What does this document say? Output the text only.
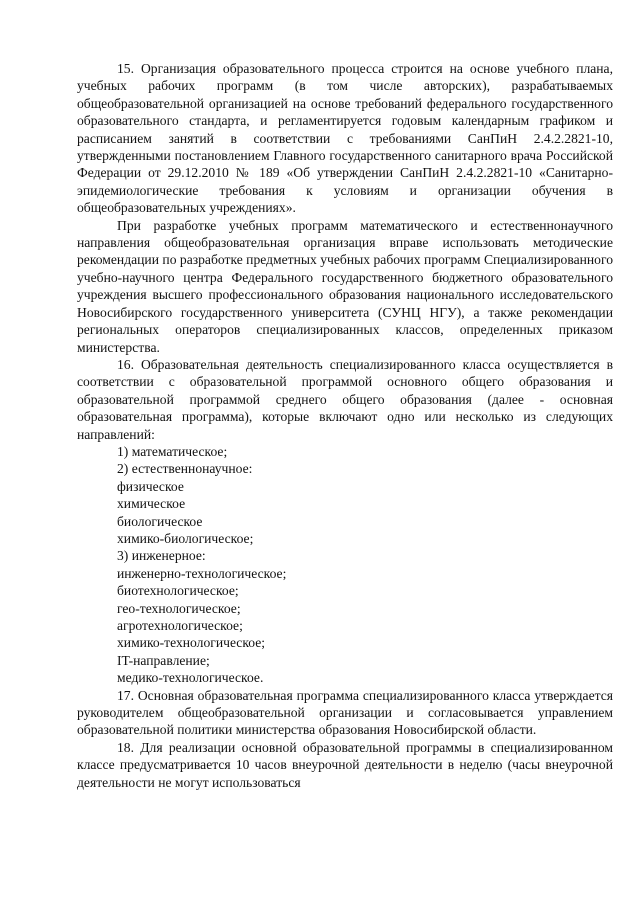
15. Организация образовательного процесса строится на основе учебного плана, учебных рабочих программ (в том числе авторских), разрабатываемых общеобразовательной организацией на основе требований федерального государственного образовательного стандарта, и регламентируется годовым календарным графиком и расписанием занятий в соответствии с требованиями СанПиН 2.4.2.2821-10, утвержденными постановлением Главного государственного санитарного врача Российской Федерации от 29.12.2010 № 189 «Об утверждении СанПиН 2.4.2.2821-10 «Санитарно-эпидемиологические требования к условиям и организации обучения в общеобразовательных учреждениях».

При разработке учебных программ математического и естественнонаучного направления общеобразовательная организация вправе использовать методические рекомендации по разработке предметных учебных рабочих программ Специализированного учебно-научного центра Федерального государственного бюджетного образовательного учреждения высшего профессионального образования национального исследовательского Новосибирского государственного университета (СУНЦ НГУ), а также рекомендации региональных операторов специализированных классов, определенных приказом министерства.

16. Образовательная деятельность специализированного класса осуществляется в соответствии с образовательной программой основного общего образования и образовательной программой среднего общего образования (далее - основная образовательная программа), которые включают одно или несколько из следующих направлений:

1) математическое;

2) естественнонаучное:

физическое

химическое

биологическое

химико-биологическое;

3) инженерное:

инженерно-технологическое;

биотехнологическое;

гео-технологическое;

агротехнологическое;

химико-технологическое;

IT-направление;

медико-технологическое.

17. Основная образовательная программа специализированного класса утверждается руководителем общеобразовательной организации и согласовывается управлением образовательной политики министерства образования Новосибирской области.

18. Для реализации основной образовательной программы в специализированном классе предусматривается 10 часов внеурочной деятельности в неделю (часы внеурочной деятельности не могут использоваться
